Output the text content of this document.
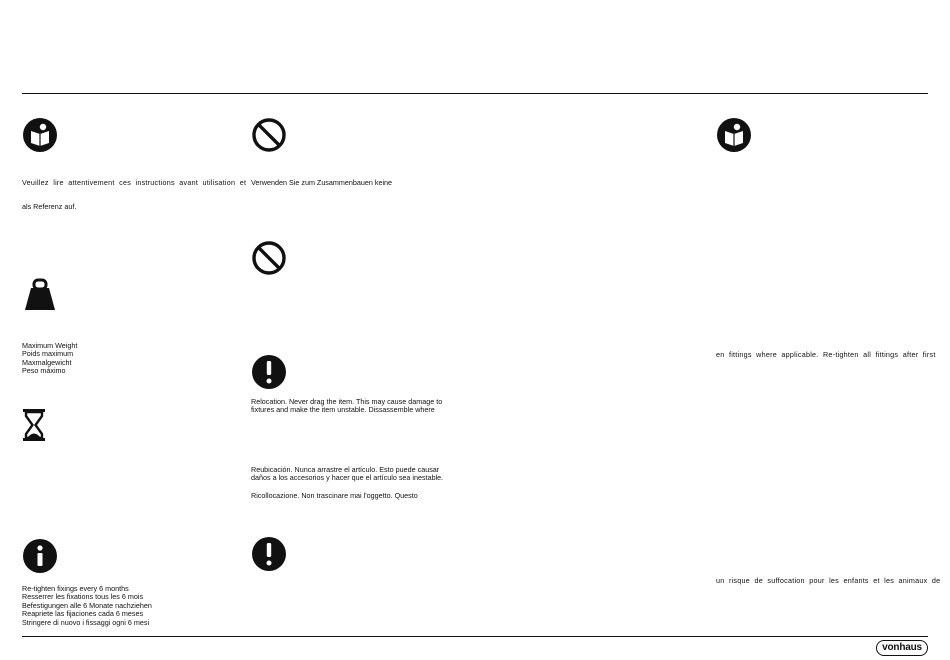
Veuillez lire attentivement ces instructions avant utilisation et
als Referenz auf.
Maximum Weight
Poids maximum
Maxmalgewicht
Peso máximo
Re-tighten fixings every 6 months
Resserrer les fixations tous les 6 mois
Befestigungen alle 6 Monate nachziehen
Reapriete las fijaciones cada 6 meses
Stringere di nuovo i fissaggi ogni 6 mesi
Verwenden Sie zum Zusammenbauen keine
Relocation. Never drag the item. This may cause damage to
fixtures and make the item unstable. Dissassemble where
Reubicación. Nunca arrastre el artículo. Esto puede causar
daños a los accesorios y hacer que el artículo sea inestable.
Ricollocazione. Non trascinare mai l'oggetto. Questo
en fittings where applicable. Re-tighten all fittings after first
un risque de suffocation pour les enfants et les animaux de
vonhaus
